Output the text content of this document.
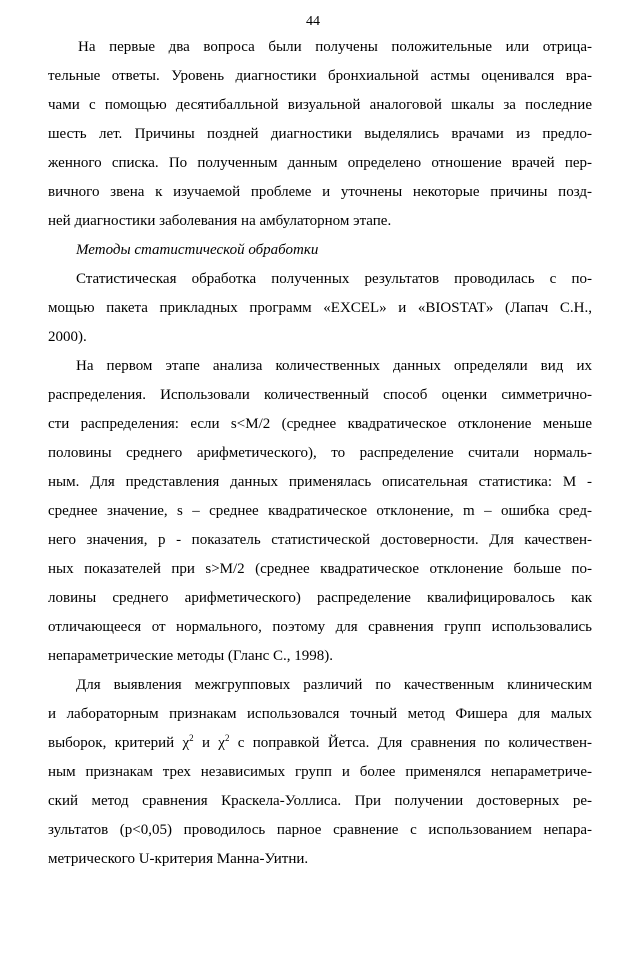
44
На первые два вопроса были получены положительные или отрица-
тельные ответы. Уровень диагностики бронхиальной астмы оценивался вра-
чами с помощью десятибалльной визуальной аналоговой шкалы за последние
шесть лет. Причины поздней диагностики выделялись врачами из предло-
женного списка. По полученным данным определено отношение врачей пер-
вичного звена к изучаемой проблеме и уточнены некоторые причины позд-
ней диагностики заболевания на амбулаторном этапе.
Методы статистической обработки
Статистическая обработка полученных результатов проводилась с по-
мощью пакета прикладных программ «EXCEL» и «BIOSTAT» (Лапач С.Н.,
2000).
На первом этапе анализа количественных данных определяли вид их
распределения. Использовали количественный способ оценки симметрично-
сти распределения: если s<M/2 (среднее квадратическое отклонение меньше
половины среднего арифметического), то распределение считали нормаль-
ным. Для представления данных применялась описательная статистика: М -
среднее значение, s – среднее квадратическое отклонение, m – ошибка сред-
него значения, р - показатель статистической достоверности. Для качествен-
ных показателей при s>M/2 (среднее квадратическое отклонение больше по-
ловины среднего арифметического) распределение квалифицировалось как
отличающееся от нормального, поэтому для сравнения групп использовались
непараметрические методы (Гланс С., 1998).
Для выявления межгрупповых различий по качественным клиническим
и лабораторным признакам использовался точный метод Фишера для малых
выборок, критерий $\chi^2$ и $\chi^2$ с поправкой Йетса. Для сравнения по количествен-
ным признакам трех независимых групп и более применялся непараметриче-
ский метод сравнения Краскела-Уоллиса. При получении достоверных ре-
зультатов (р<0,05) проводилось парное сравнение с использованием непара-
метрического U-критерия Манна-Уитни.
